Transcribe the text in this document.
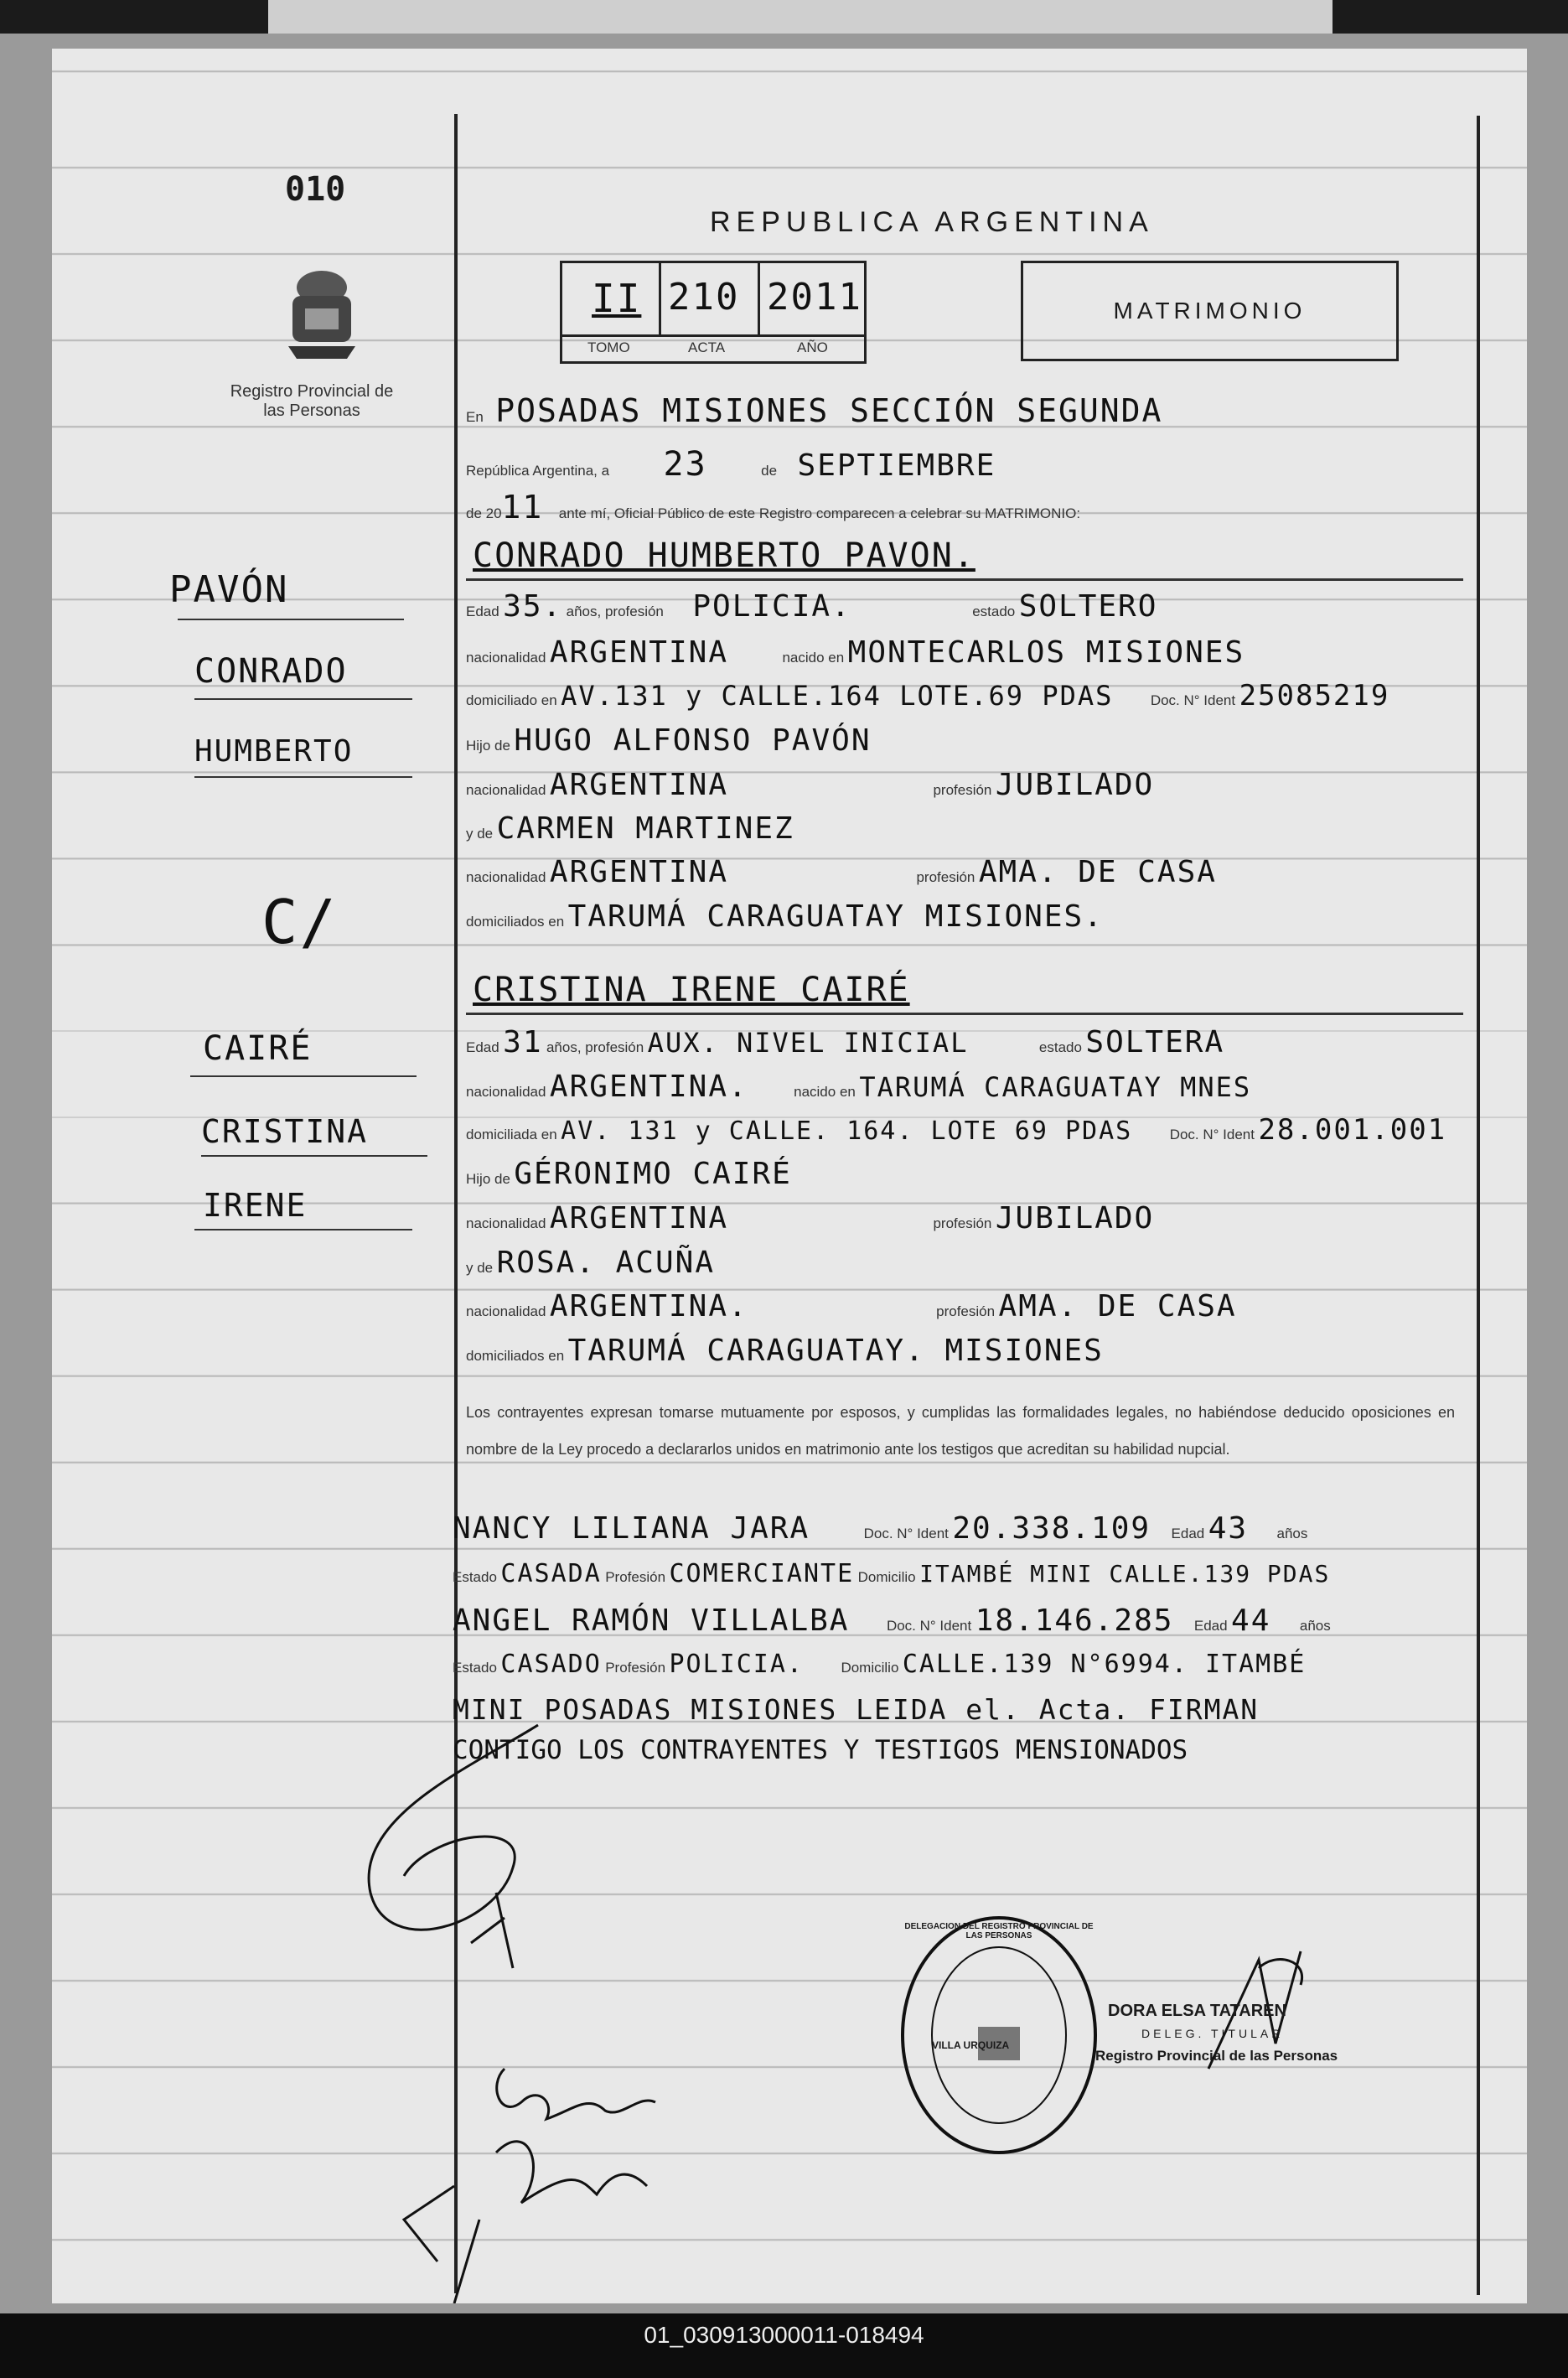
010
Registro Provincial de las Personas
REPUBLICA ARGENTINA
II 210 2011
TOMO	ACTA	AÑO
MATRIMONIO
PAVÓN
CONRADO
HUMBERTO
C/
CAIRÉ
CRISTINA
IRENE
En POSADAS MISIONES SECCIÓN SEGUNDA
República Argentina, a 23	de SEPTIEMBRE
de 2011 ante mí, Oficial Público de este Registro comparecen a celebrar su MATRIMONIO:
CONRADO HUMBERTO PAVON.
Edad 35. años, profesión POLICIA.	estado SOLTERO
nacionalidad ARGENTINA	nacido en MONTECARLOS MISIONES
domiciliado en AV.131 y CALLE.164 LOTE.69 PDAS	Doc. N° Ident 25085219
Hijo de HUGO ALFONSO PAVÓN
nacionalidad ARGENTINA	profesión JUBILADO
y de CARMEN MARTINEZ
nacionalidad ARGENTINA	profesión AMA. DE CASA
domiciliados en TARUMÁ CARAGUATAY MISIONES.
CRISTINA IRENE CAIRÉ
Edad 31 años, profesión AUX. NIVEL INICIAL	estado SOLTERA
nacionalidad ARGENTINA.	nacido en TARUMÁ CARAGUATAY MNES
domiciliada en AV. 131 y CALLE. 164. LOTE 69 PDAS	Doc. N° Ident 28.001.001
Hijo de GÉRONIMO CAIRÉ
nacionalidad ARGENTINA	profesión JUBILADO
y de ROSA. ACUÑA
nacionalidad ARGENTINA.	profesión AMA. DE CASA
domiciliados en TARUMÁ CARAGUATAY. MISIONES
Los contrayentes expresan tomarse mutuamente por esposos, y cumplidas las formalidades legales, no habiéndose deducido oposiciones en nombre de la Ley procedo a declararlos unidos en matrimonio ante los testigos que acreditan su habilidad nupcial.
NANCY LILIANA JARA	Doc. N° Ident 20.338.109 Edad 43 años
Estado CASADA Profesión COMERCIANTE Domicilio ITAMBÉ MINI CALLE.139 PDAS
ANGEL RAMÓN VILLALBA	Doc. N° Ident 18.146.285 Edad 44 años
Estado CASADO Profesión POLICIA.	Domicilio CALLE.139 N°6994. ITAMBÉ
MINI POSADAS MISIONES LEIDA el. Acta. FIRMAN
CONTIGO LOS CONTRAYENTES Y TESTIGOS MENSIONADOS
VILLA URQUIZA
DELEGACION DEL REGISTRO PROVINCIAL DE LAS PERSONAS
DORA ELSA TATAREN
DELEG. TITULAR
Registro Provincial de las Personas
01_030913000011-018494
